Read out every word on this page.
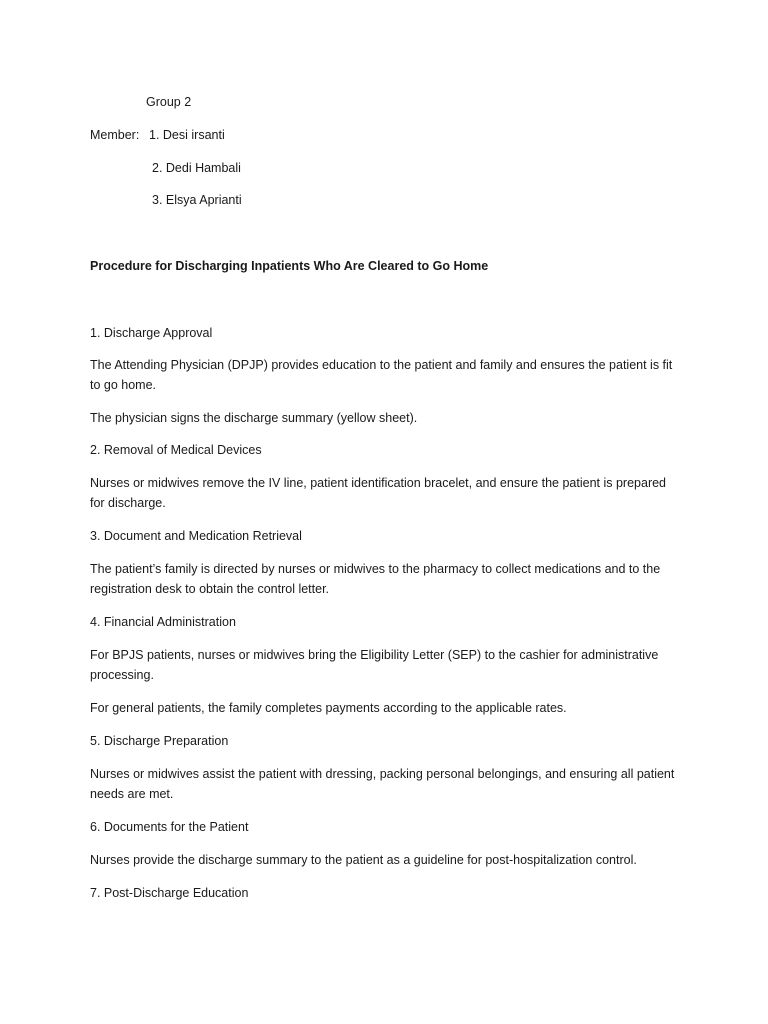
Group 2
Member: 1. Desi irsanti
2. Dedi Hambali
3. Elsya Aprianti
Procedure for Discharging Inpatients Who Are Cleared to Go Home
1. Discharge Approval
The Attending Physician (DPJP) provides education to the patient and family and ensures the patient is fit to go home.
The physician signs the discharge summary (yellow sheet).
2. Removal of Medical Devices
Nurses or midwives remove the IV line, patient identification bracelet, and ensure the patient is prepared for discharge.
3. Document and Medication Retrieval
The patient’s family is directed by nurses or midwives to the pharmacy to collect medications and to the registration desk to obtain the control letter.
4. Financial Administration
For BPJS patients, nurses or midwives bring the Eligibility Letter (SEP) to the cashier for administrative processing.
For general patients, the family completes payments according to the applicable rates.
5. Discharge Preparation
Nurses or midwives assist the patient with dressing, packing personal belongings, and ensuring all patient needs are met.
6. Documents for the Patient
Nurses provide the discharge summary to the patient as a guideline for post-hospitalization control.
7. Post-Discharge Education
